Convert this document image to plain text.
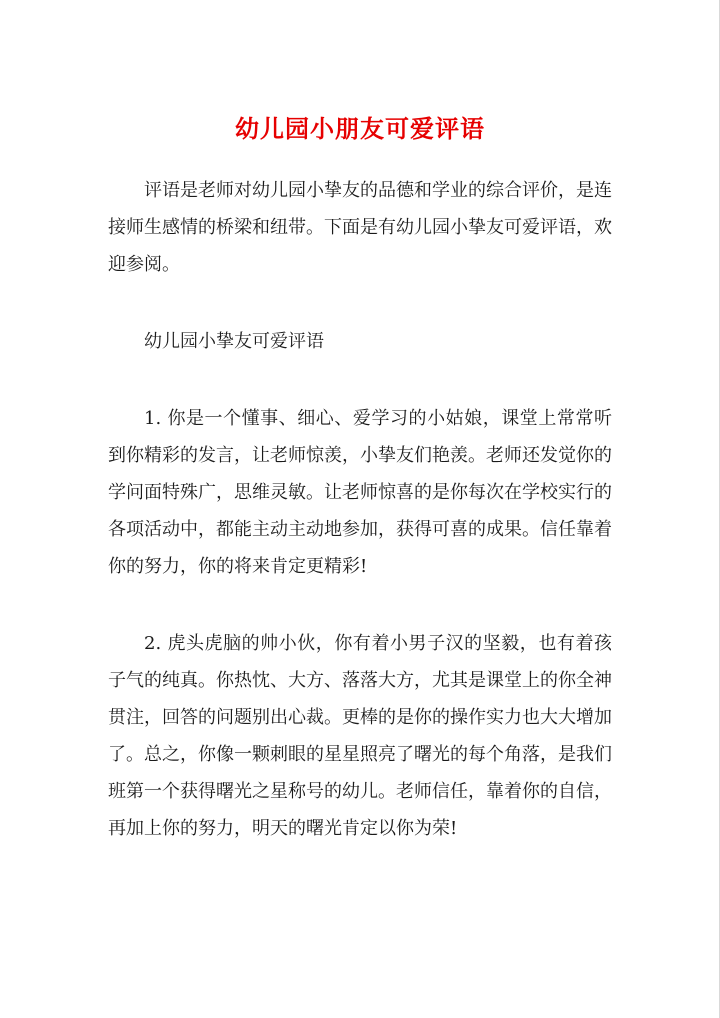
幼儿园小朋友可爱评语

评语是老师对幼儿园小挚友的品德和学业的综合评价，是连接师生感情的桥梁和纽带。下面是有幼儿园小挚友可爱评语，欢迎参阅。

幼儿园小挚友可爱评语

1. 你是一个懂事、细心、爱学习的小姑娘，课堂上常常听到你精彩的发言，让老师惊羡，小挚友们艳羡。老师还发觉你的学问面特殊广，思维灵敏。让老师惊喜的是你每次在学校实行的各项活动中，都能主动主动地参加，获得可喜的成果。信任靠着你的努力，你的将来肯定更精彩!

2. 虎头虎脑的帅小伙，你有着小男子汉的坚毅，也有着孩子气的纯真。你热忱、大方、落落大方，尤其是课堂上的你全神贯注，回答的问题别出心裁。更棒的是你的操作实力也大大增加了。总之，你像一颗刺眼的星星照亮了曙光的每个角落，是我们班第一个获得曙光之星称号的幼儿。老师信任，靠着你的自信，再加上你的努力，明天的曙光肯定以你为荣!
